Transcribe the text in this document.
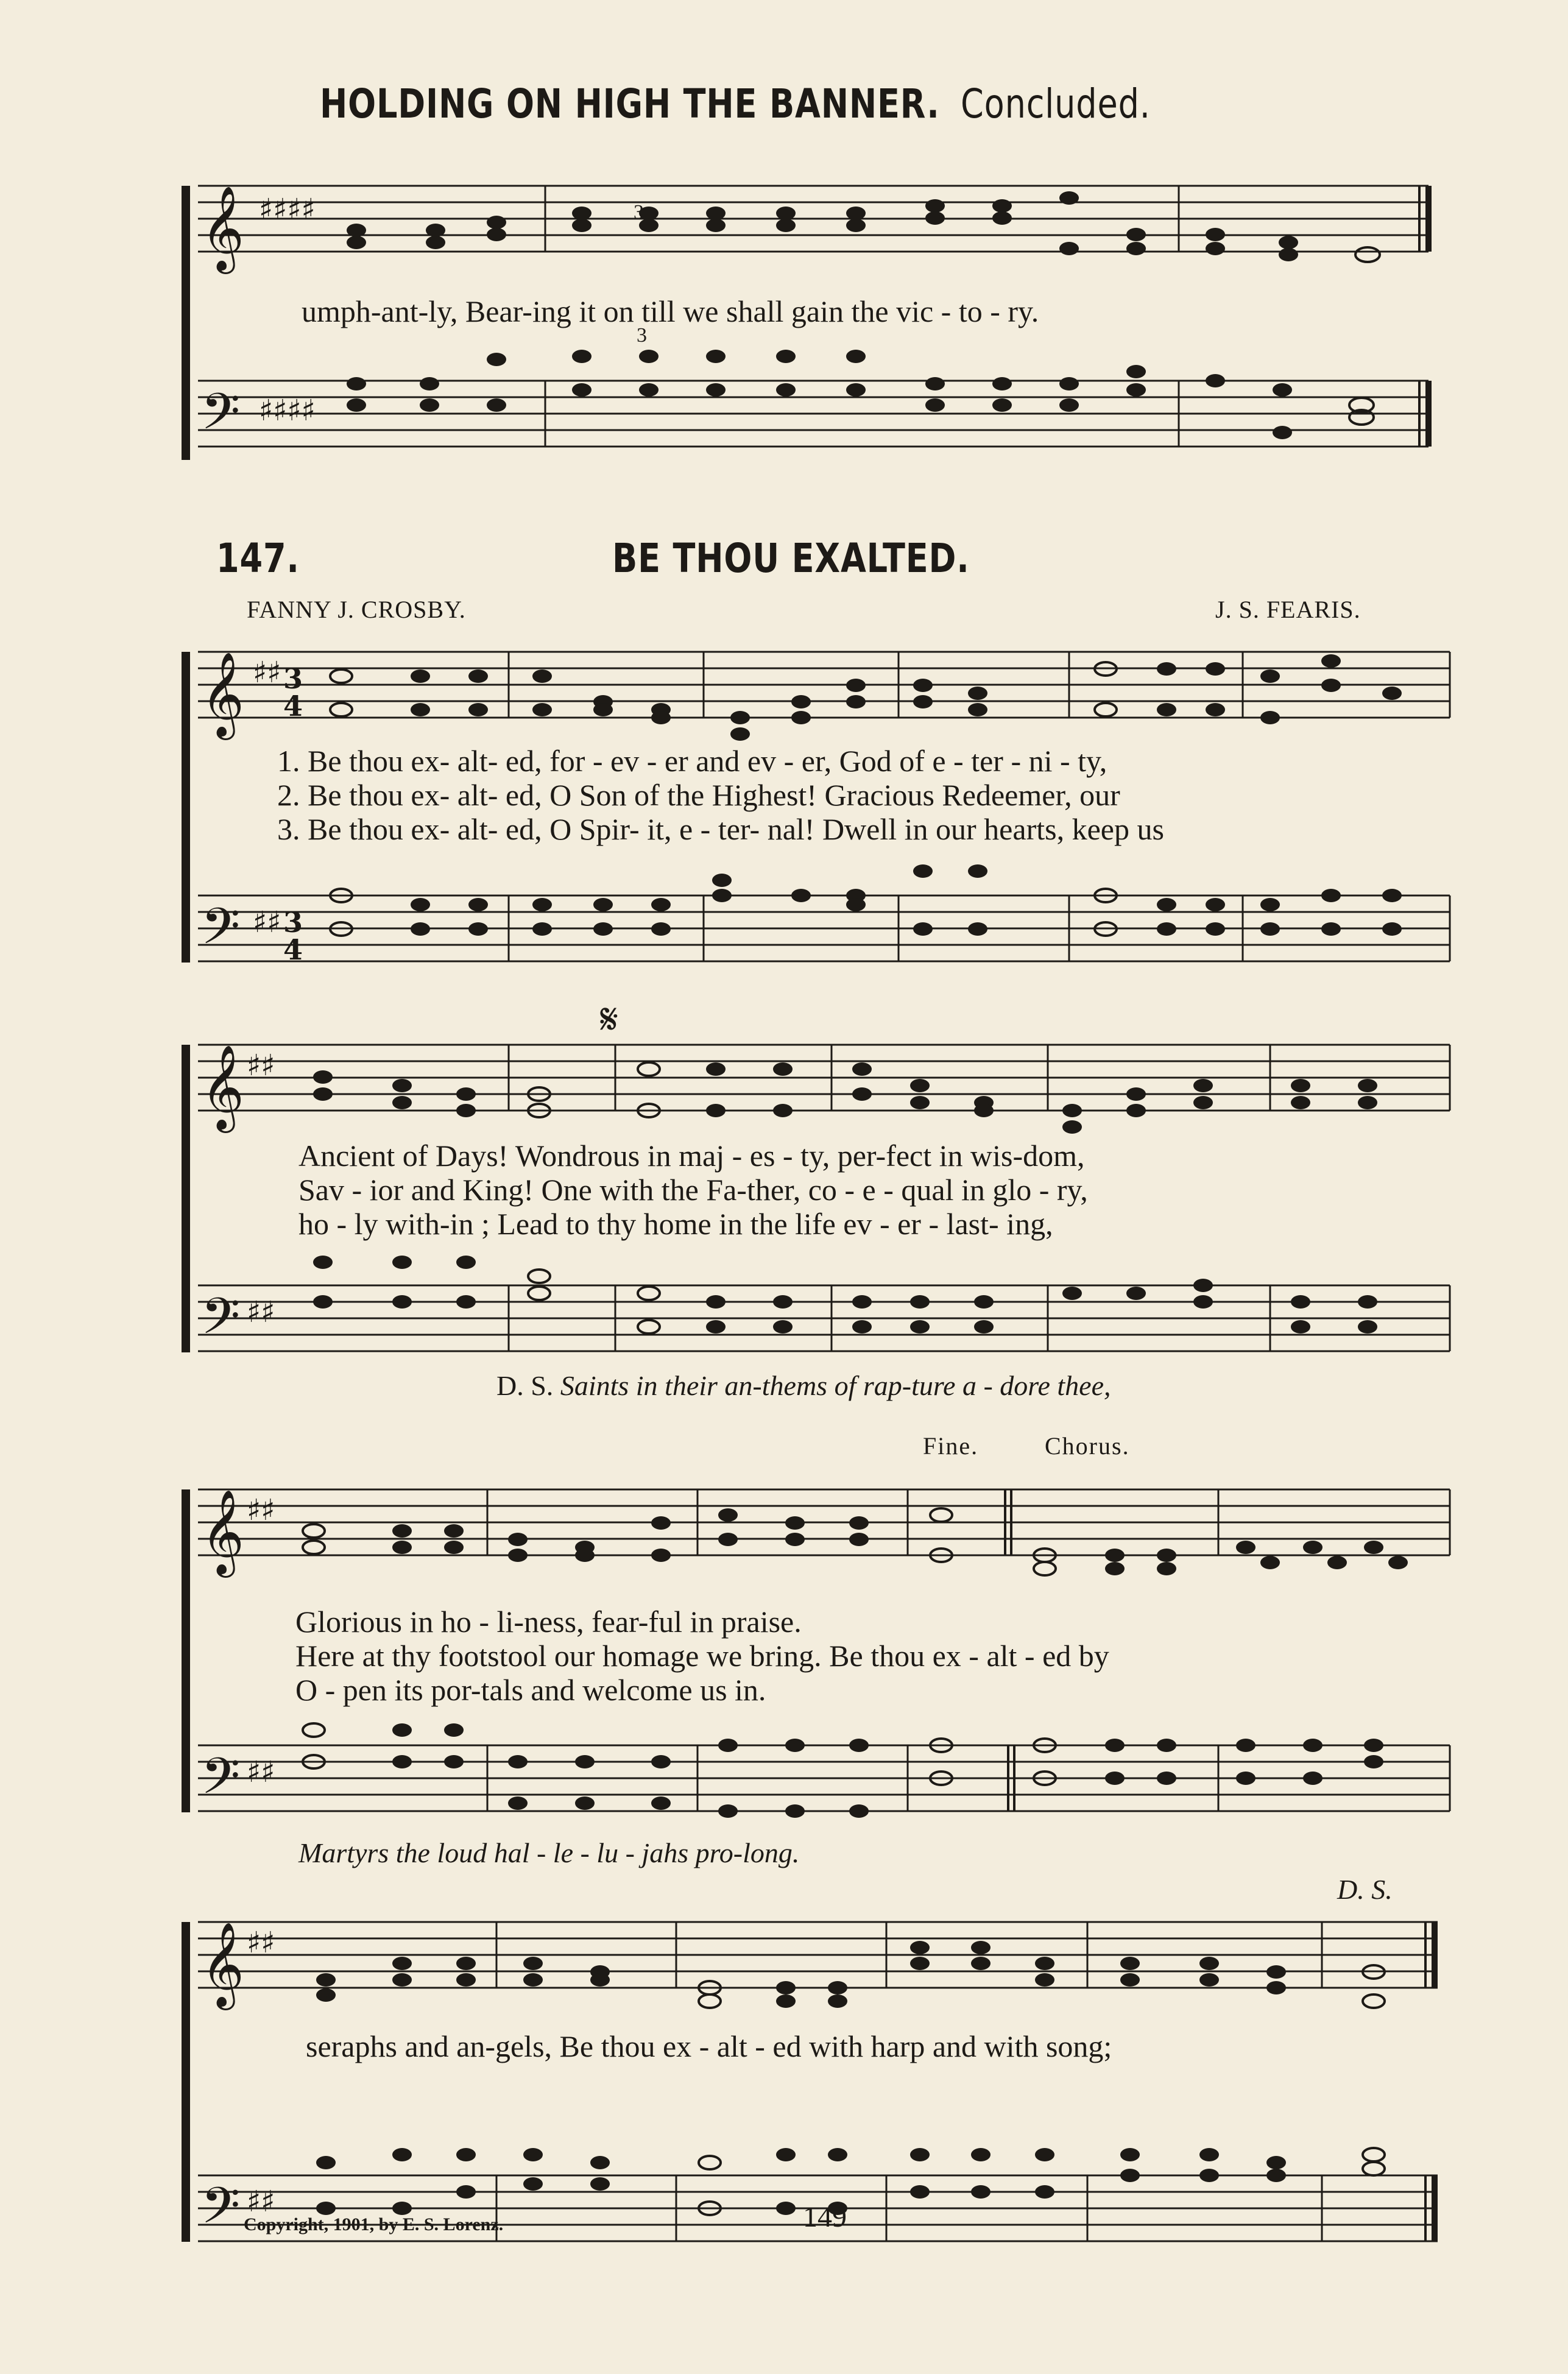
HOLDING ON HIGH THE BANNER. Concluded.
𝄞 ♯♯♯♯
𝄢 ♯♯♯♯
3
3
umph-ant-ly, Bear-ing it on till we shall gain the vic - to - ry.
147.	BE THOU EXALTED.
FANNY J. CROSBY.	J. S. FEARIS.
𝄞 ♯♯ 3
4
𝄢 ♯♯ 3
4
1. Be thou ex- alt- ed, for - ev - er and ev - er, God of e - ter - ni - ty,
2. Be thou ex- alt- ed, O Son of the Highest! Gracious Redeemer, our
3. Be thou ex- alt- ed, O Spir- it, e - ter- nal! Dwell in our hearts, keep us
𝄋
𝄞 ♯♯
𝄢 ♯♯
Ancient of Days! Wondrous in maj - es - ty, per-fect in wis-dom,
Sav - ior and King! One with the Fa-ther, co - e - qual in glo - ry,
ho - ly with-in ; Lead to thy home in the life ev - er - last- ing,
D. S. Saints in their an-thems of rap-ture a - dore thee,
Fine.	Chorus.
𝄞 ♯♯
𝄢 ♯♯
Glorious in ho - li-ness, fear-ful in praise.
Here at thy footstool our homage we bring. Be thou ex - alt - ed by
O - pen its por-tals and welcome us in.
Martyrs the loud hal - le - lu - jahs pro-long.
D. S.
𝄞 ♯♯
𝄢 ♯♯
seraphs and an-gels, Be thou ex - alt - ed with harp and with song;
Copyright, 1901, by E. S. Lorenz.	149
